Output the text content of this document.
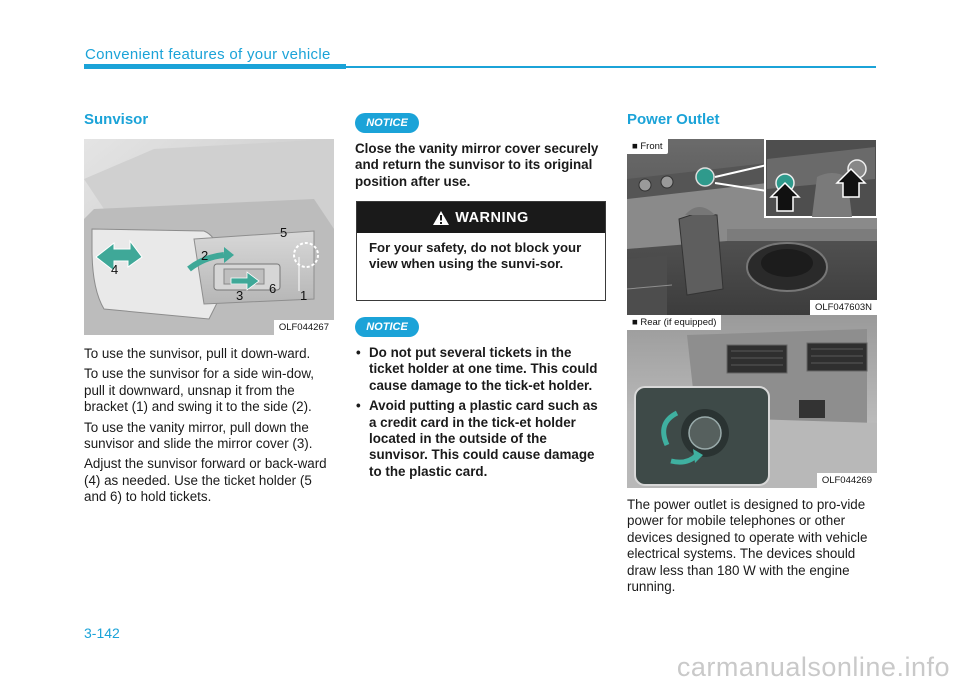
Convenient features of your vehicle
Sunvisor
1
2
3
4
5
6
OLF044267

To use the sunvisor, pull it down-ward.

To use the sunvisor for a side win-dow, pull it downward, unsnap it from the bracket (1) and swing it to the side (2).

To use the vanity mirror, pull down the sunvisor and slide the mirror cover (3).

Adjust the sunvisor forward or back-ward (4) as needed. Use the ticket holder (5 and 6) to hold tickets.

NOTICE
Close the vanity mirror cover securely and return the sunvisor to its original position after use.
WARNING
For your safety, do not block your view when using the sunvi-sor.
NOTICE
• Do not put several tickets in the ticket holder at one time. This could cause damage to the tick-et holder.
• Avoid putting a plastic card such as a credit card in the tick-et holder located in the outside of the sunvisor. This could cause damage to the plastic card.
Power Outlet
■ Front
OLF047603N
■ Rear (if equipped)
OLF044269
The power outlet is designed to pro-vide power for mobile telephones or other devices designed to operate with vehicle electrical systems. The devices should draw less than 180 W with the engine running.
3-142
carmanualsonline.info
